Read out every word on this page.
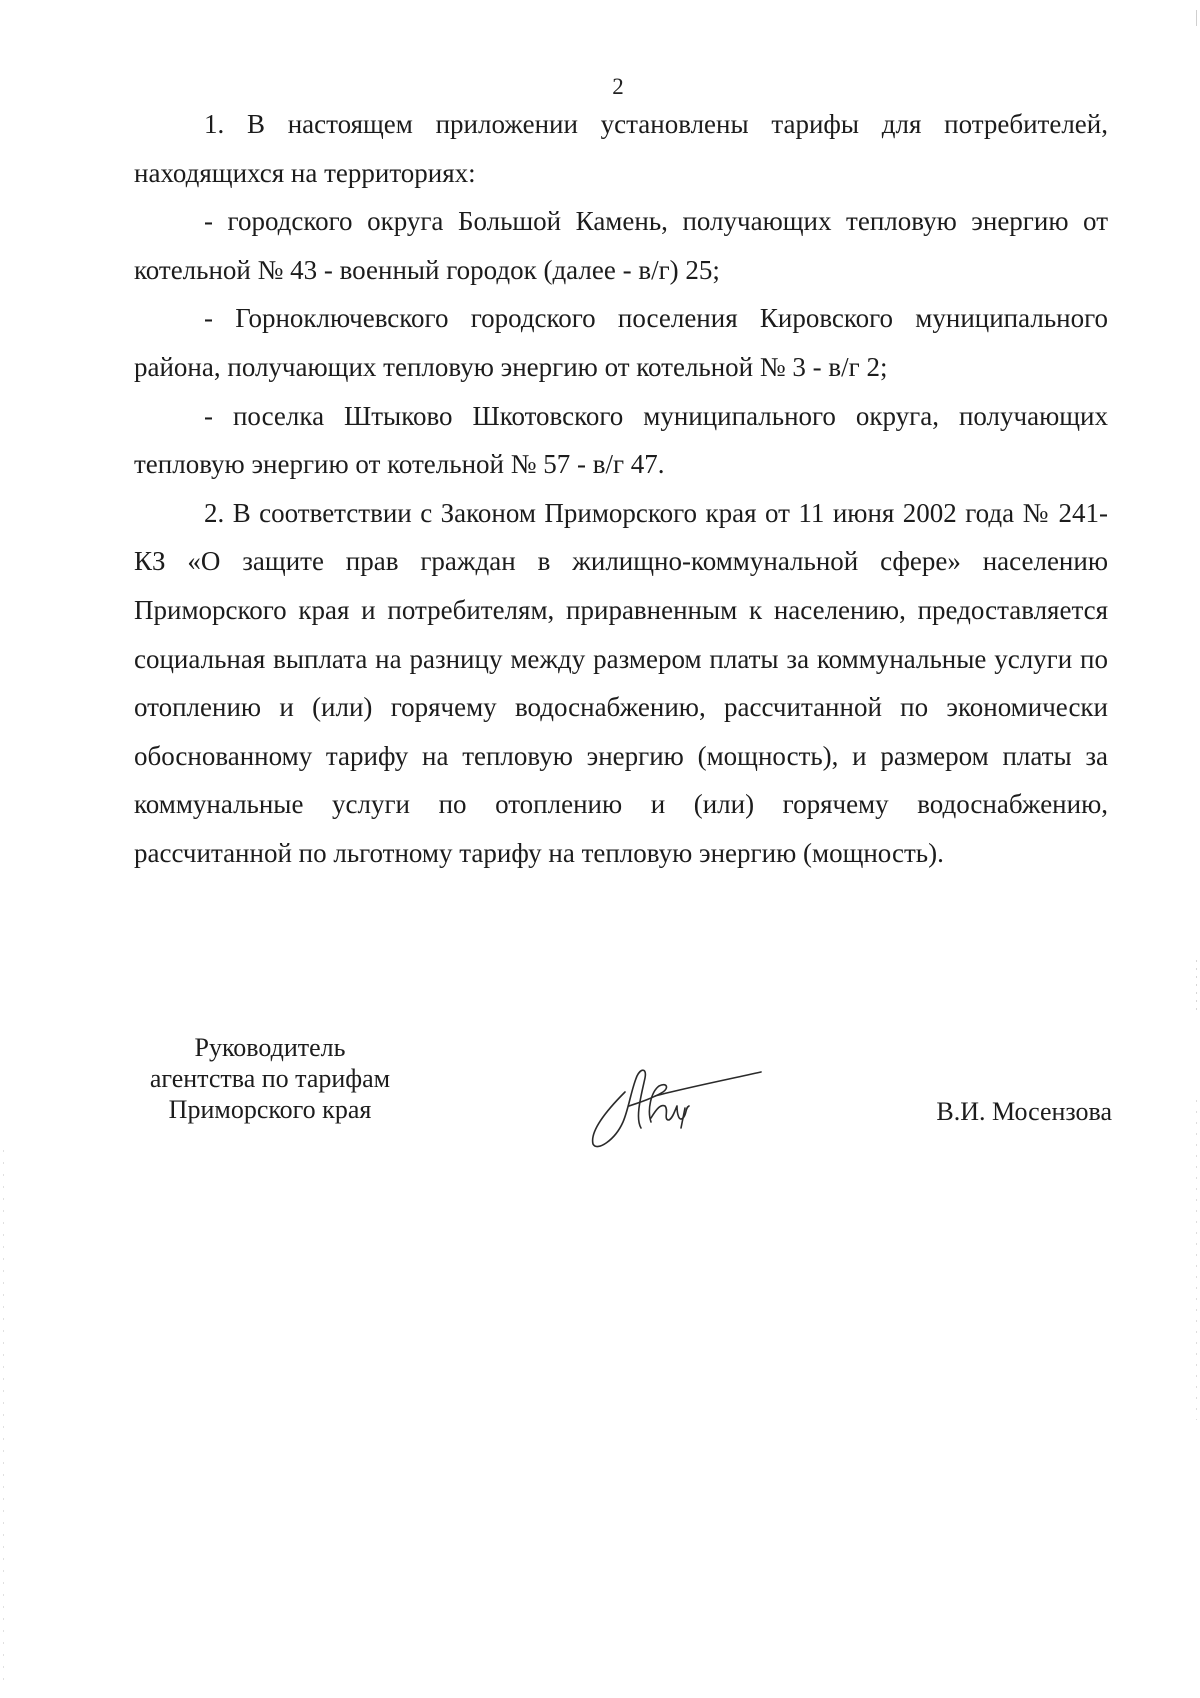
2

1. В настоящем приложении установлены тарифы для потребителей, находящихся на территориях:

- городского округа Большой Камень, получающих тепловую энергию от котельной № 43 - военный городок (далее - в/г) 25;

- Горноключевского городского поселения Кировского муниципального района, получающих тепловую энергию от котельной № 3 - в/г 2;

- поселка Штыково Шкотовского муниципального округа, получающих тепловую энергию от котельной № 57 - в/г 47.

2. В соответствии с Законом Приморского края от 11 июня 2002 года № 241-КЗ «О защите прав граждан в жилищно-коммунальной сфере» населению Приморского края и потребителям, приравненным к населению, предоставляется социальная выплата на разницу между размером платы за коммунальные услуги по отоплению и (или) горячему водоснабжению, рассчитанной по экономически обоснованному тарифу на тепловую энергию (мощность), и размером платы за коммунальные услуги по отоплению и (или) горячему водоснабжению, рассчитанной по льготному тарифу на тепловую энергию (мощность).

Руководитель
агентства по тарифам
Приморского края	В.И. Мосензова
